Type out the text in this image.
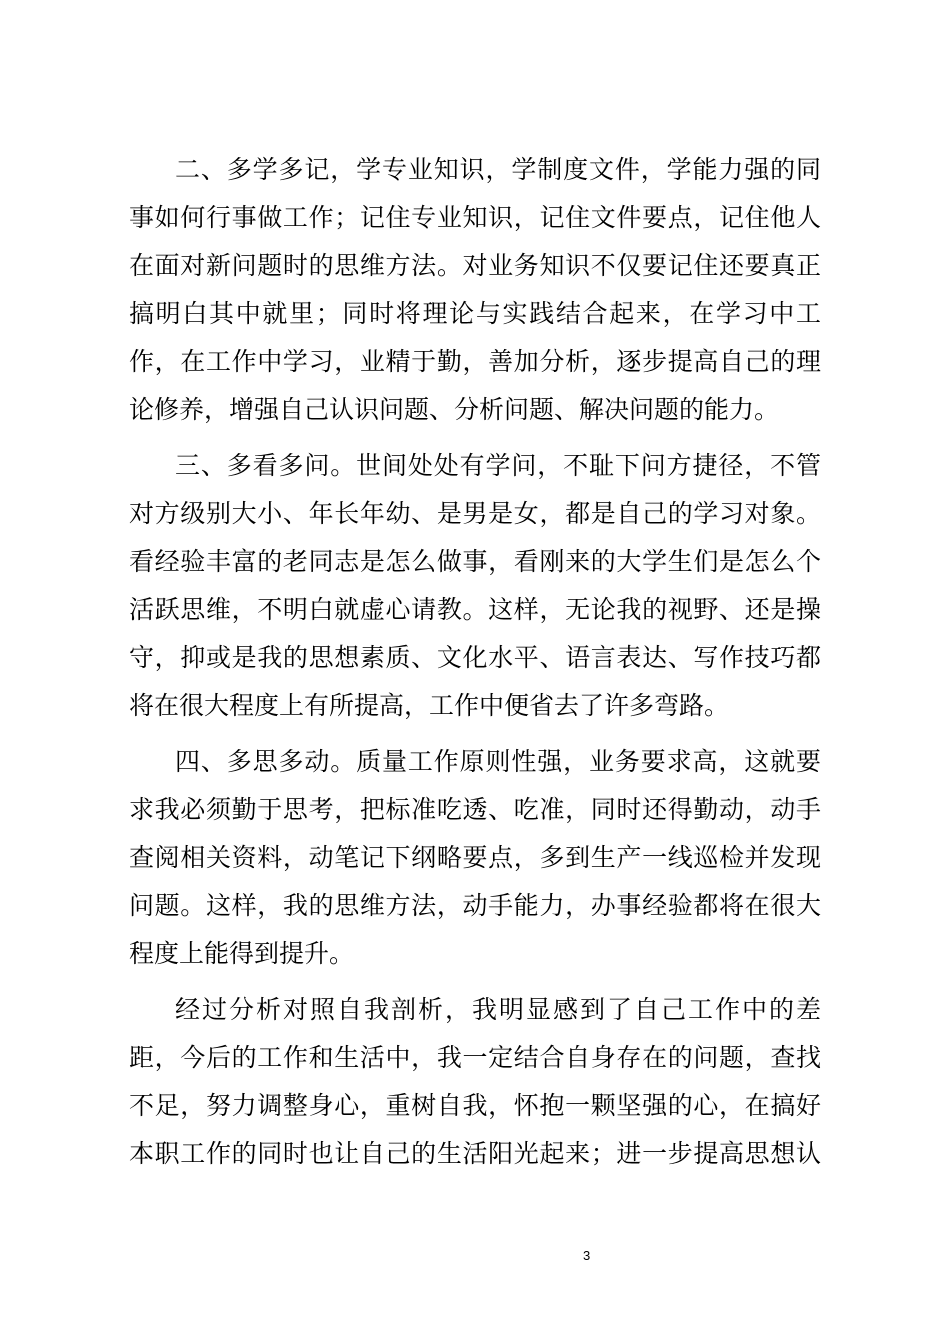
二、多学多记，学专业知识，学制度文件，学能力强的同
事如何行事做工作；记住专业知识，记住文件要点，记住他人
在面对新问题时的思维方法。对业务知识不仅要记住还要真正
搞明白其中就里；同时将理论与实践结合起来，在学习中工
作，在工作中学习，业精于勤，善加分析，逐步提高自己的理
论修养，增强自己认识问题、分析问题、解决问题的能力。
三、多看多问。世间处处有学问，不耻下问方捷径，不管
对方级别大小、年长年幼、是男是女，都是自己的学习对象。
看经验丰富的老同志是怎么做事，看刚来的大学生们是怎么个
活跃思维，不明白就虚心请教。这样，无论我的视野、还是操
守，抑或是我的思想素质、文化水平、语言表达、写作技巧都
将在很大程度上有所提高，工作中便省去了许多弯路。
四、多思多动。质量工作原则性强，业务要求高，这就要
求我必须勤于思考，把标准吃透、吃准，同时还得勤动，动手
查阅相关资料，动笔记下纲略要点，多到生产一线巡检并发现
问题。这样，我的思维方法，动手能力，办事经验都将在很大
程度上能得到提升。
经过分析对照自我剖析，我明显感到了自己工作中的差
距，今后的工作和生活中，我一定结合自身存在的问题，查找
不足，努力调整身心，重树自我，怀抱一颗坚强的心，在搞好
本职工作的同时也让自己的生活阳光起来；进一步提高思想认
3
